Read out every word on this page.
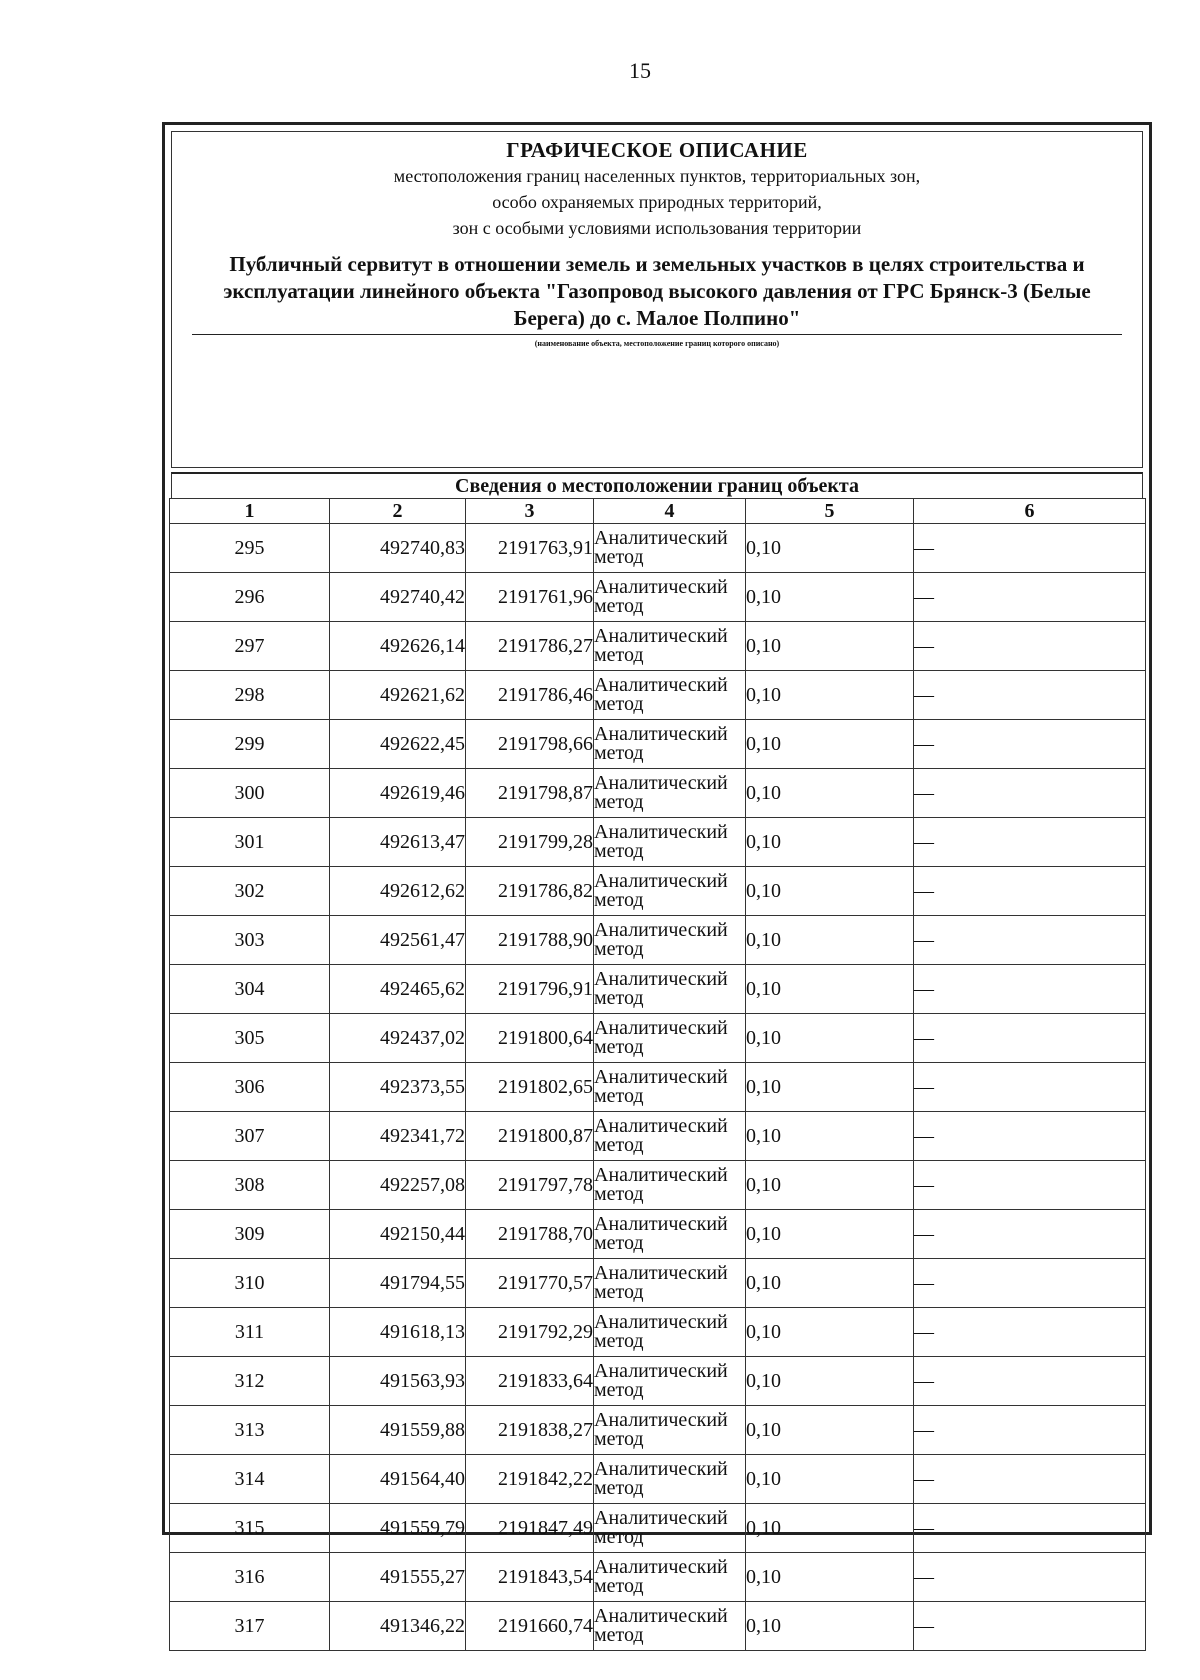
15
ГРАФИЧЕСКОЕ ОПИСАНИЕ
местоположения границ населенных пунктов, территориальных зон,
особо охраняемых природных территорий,
зон с особыми условиями использования территории
Публичный сервитут в отношении земель и земельных участков в целях строительства и эксплуатации линейного объекта "Газопровод высокого давления от ГРС Брянск-3 (Белые Берега) до с. Малое Полпино"
(наименование объекта, местоположение границ которого описано)
Сведения о местоположении границ объекта
1	2	3	4	5	6
295	492740,83	2191763,91	Аналитический метод	0,10	—
296	492740,42	2191761,96	Аналитический метод	0,10	—
297	492626,14	2191786,27	Аналитический метод	0,10	—
298	492621,62	2191786,46	Аналитический метод	0,10	—
299	492622,45	2191798,66	Аналитический метод	0,10	—
300	492619,46	2191798,87	Аналитический метод	0,10	—
301	492613,47	2191799,28	Аналитический метод	0,10	—
302	492612,62	2191786,82	Аналитический метод	0,10	—
303	492561,47	2191788,90	Аналитический метод	0,10	—
304	492465,62	2191796,91	Аналитический метод	0,10	—
305	492437,02	2191800,64	Аналитический метод	0,10	—
306	492373,55	2191802,65	Аналитический метод	0,10	—
307	492341,72	2191800,87	Аналитический метод	0,10	—
308	492257,08	2191797,78	Аналитический метод	0,10	—
309	492150,44	2191788,70	Аналитический метод	0,10	—
310	491794,55	2191770,57	Аналитический метод	0,10	—
311	491618,13	2191792,29	Аналитический метод	0,10	—
312	491563,93	2191833,64	Аналитический метод	0,10	—
313	491559,88	2191838,27	Аналитический метод	0,10	—
314	491564,40	2191842,22	Аналитический метод	0,10	—
315	491559,79	2191847,49	Аналитический метод	0,10	—
316	491555,27	2191843,54	Аналитический метод	0,10	—
317	491346,22	2191660,74	Аналитический метод	0,10	—
